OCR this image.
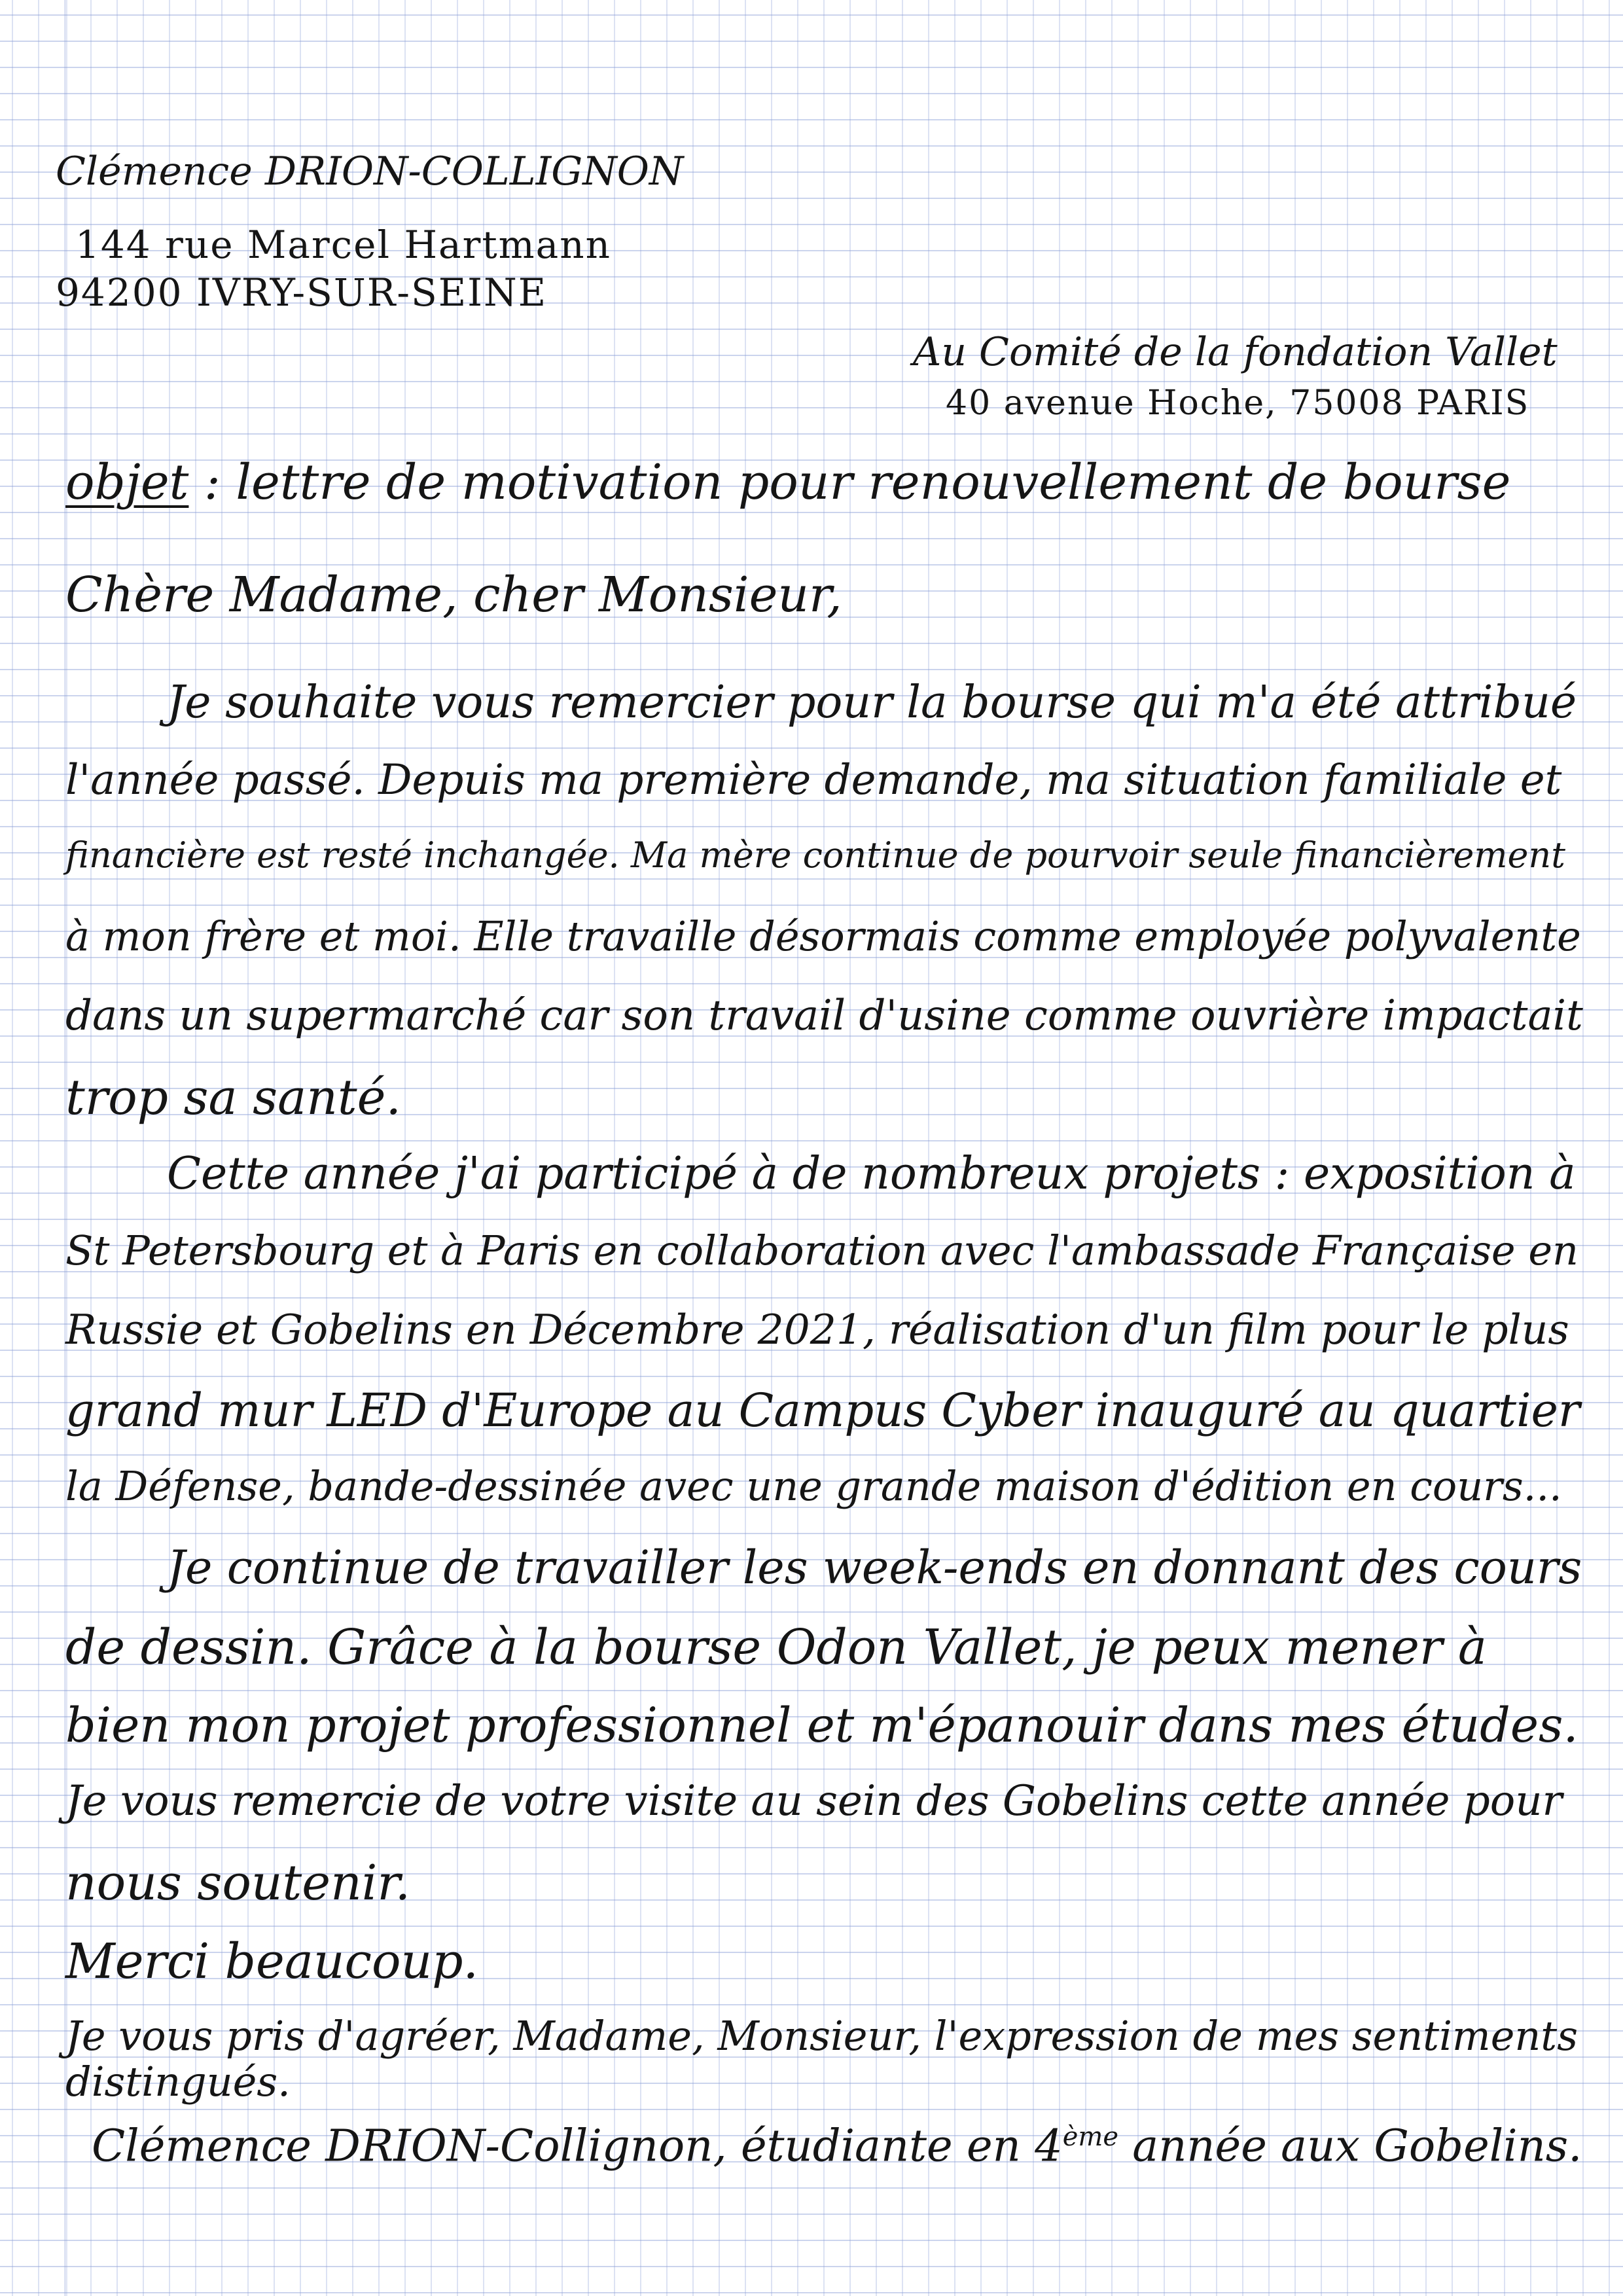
Clémence DRION-COLLIGNON

144 rue Marcel Hartmann

94200 IVRY-SUR-SEINE

Au Comité de la fondation Vallet

40 avenue Hoche, 75008 PARIS

objet : lettre de motivation pour renouvellement de bourse

Chère Madame, cher Monsieur,

Je souhaite vous remercier pour la bourse qui m'a été attribué

l'année passé. Depuis ma première demande, ma situation familiale et

financière est resté inchangée. Ma mère continue de pourvoir seule financièrement

à mon frère et moi. Elle travaille désormais comme employée polyvalente

dans un supermarché car son travail d'usine comme ouvrière impactait

trop sa santé.

Cette année j'ai participé à de nombreux projets : exposition à

St Petersbourg et à Paris en collaboration avec l'ambassade Française en

Russie et Gobelins en Décembre 2021, réalisation d'un film pour le plus

grand mur LED d'Europe au Campus Cyber inauguré au quartier

la Défense, bande-dessinée avec une grande maison d'édition en cours...

Je continue de travailler les week-ends en donnant des cours

de dessin. Grâce à la bourse Odon Vallet, je peux mener à

bien mon projet professionnel et m'épanouir dans mes études.

Je vous remercie de votre visite au sein des Gobelins cette année pour

nous soutenir.

Merci beaucoup.

Je vous pris d'agréer, Madame, Monsieur, l'expression de mes sentiments

distingués.

Clémence DRION-Collignon, étudiante en 4ème année aux Gobelins.
